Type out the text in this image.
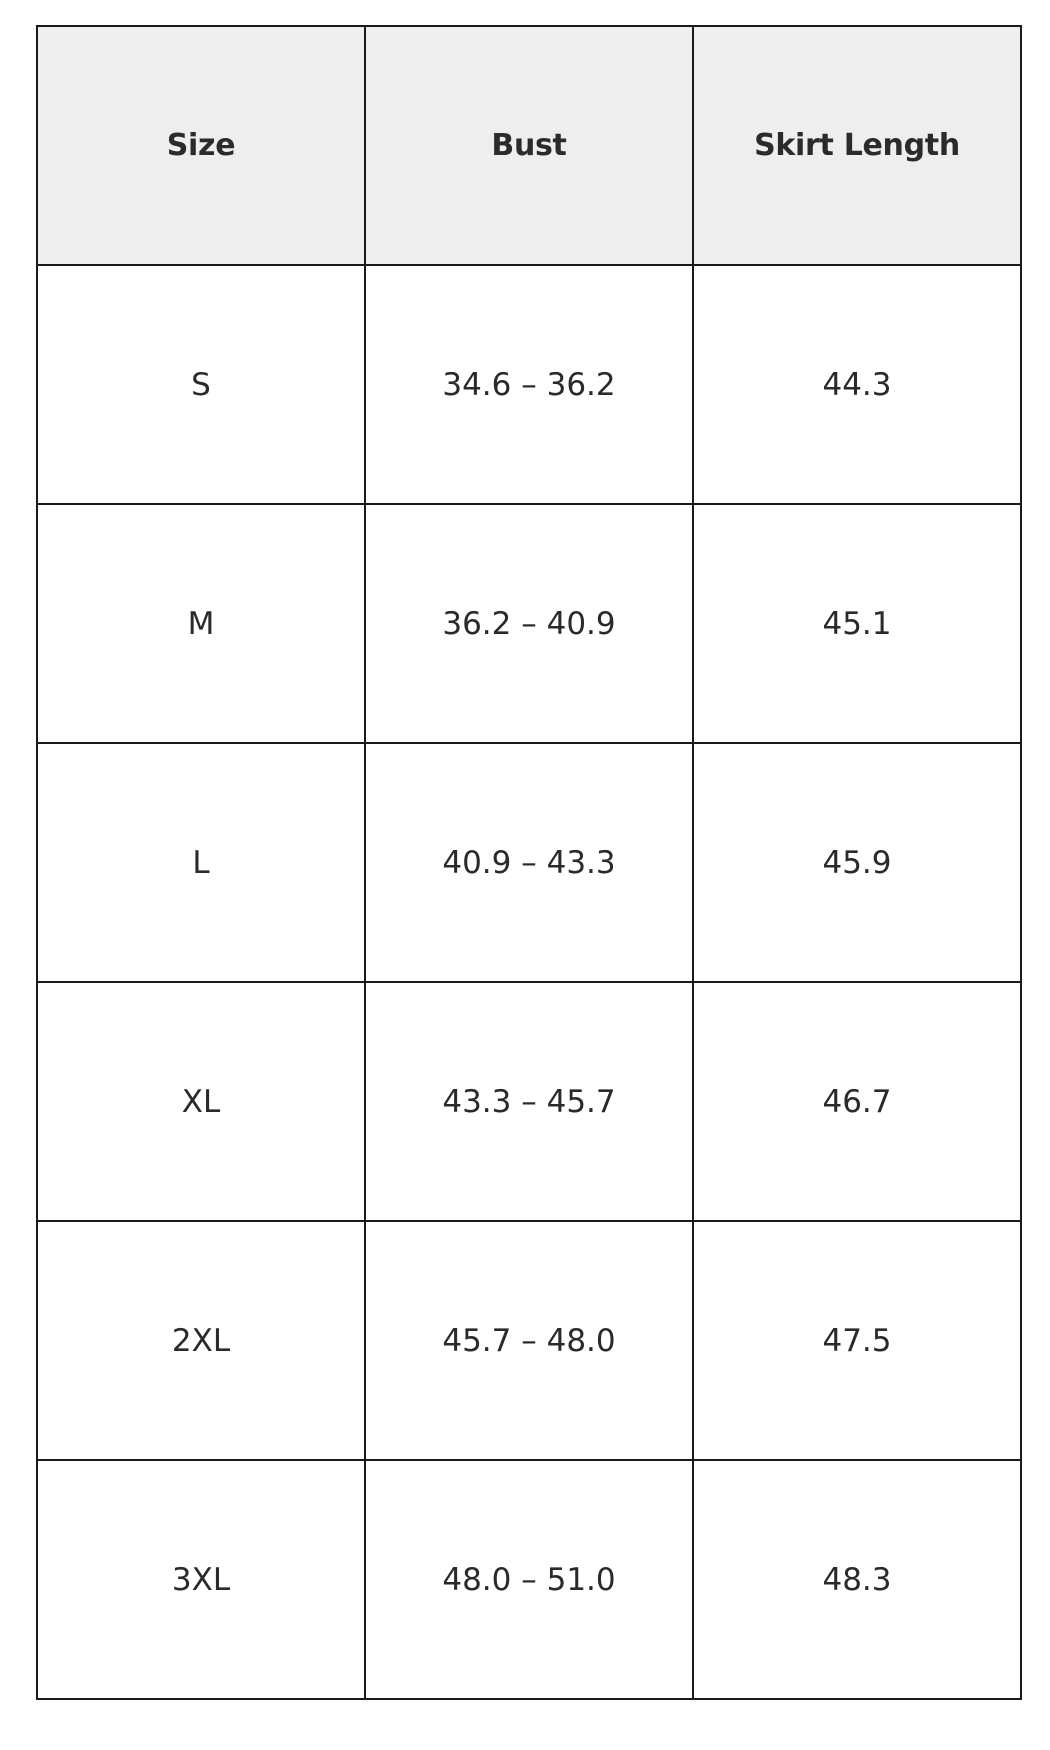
Size	Bust	Skirt Length
S	34.6 – 36.2	44.3
M	36.2 – 40.9	45.1
L	40.9 – 43.3	45.9
XL	43.3 – 45.7	46.7
2XL	45.7 – 48.0	47.5
3XL	48.0 – 51.0	48.3
